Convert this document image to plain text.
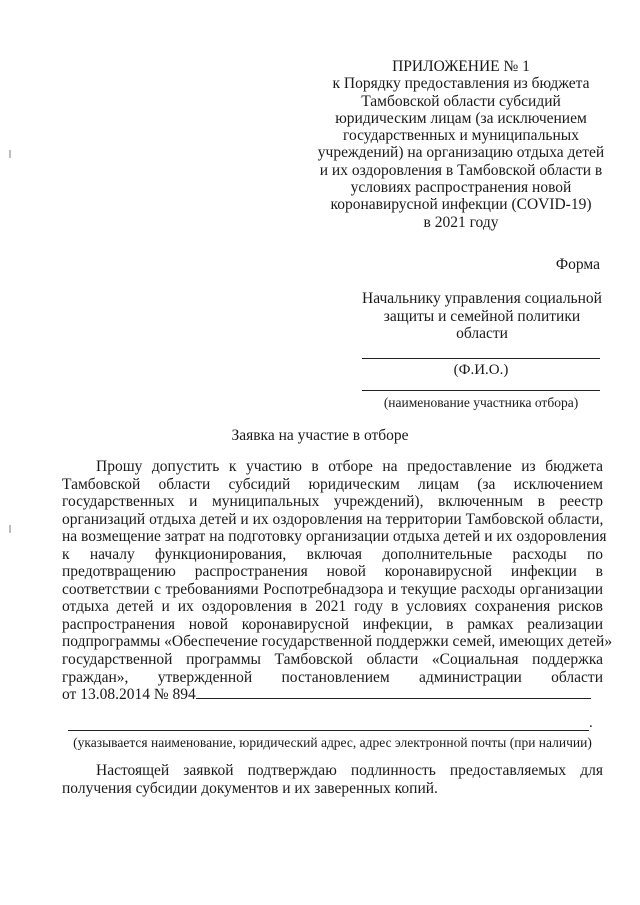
ПРИЛОЖЕНИЕ № 1
к Порядку предоставления из бюджета
Тамбовской области субсидий
юридическим лицам (за исключением
государственных и муниципальных
учреждений) на организацию отдыха детей
и их оздоровления в Тамбовской области в
условиях распространения новой
коронавирусной инфекции (COVID-19)
в 2021 году
Форма
Начальнику управления социальной
защиты и семейной политики
области
(Ф.И.О.)
(наименование участника отбора)
Заявка на участие в отборе
Прошу допустить к участию в отборе на предоставление из бюджета
Тамбовской области субсидий юридическим лицам (за исключением
государственных и муниципальных учреждений), включенным в реестр
организаций отдыха детей и их оздоровления на территории Тамбовской области,
на возмещение затрат на подготовку организации отдыха детей и их оздоровления
к началу функционирования, включая дополнительные расходы по
предотвращению распространения новой коронавирусной инфекции в
соответствии с требованиями Роспотребнадзора и текущие расходы организации
отдыха детей и их оздоровления в 2021 году в условиях сохранения рисков
распространения новой коронавирусной инфекции, в рамках реализации
подпрограммы «Обеспечение государственной поддержки семей, имеющих детей»
государственной программы Тамбовской области «Социальная поддержка
граждан», утвержденной постановлением администрации области
от 13.08.2014 № 894
.
(указывается наименование, юридический адрес, адрес электронной почты (при наличии)
Настоящей заявкой подтверждаю подлинность предоставляемых для
получения субсидии документов и их заверенных копий.
